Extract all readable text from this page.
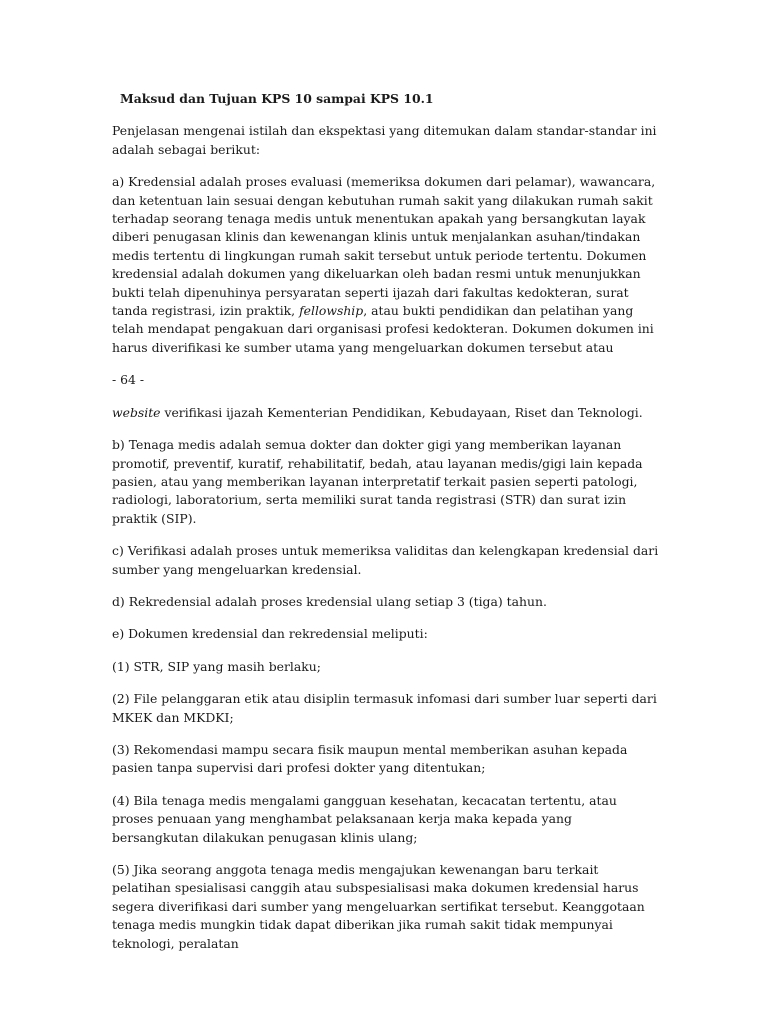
Maksud dan Tujuan KPS 10 sampai KPS 10.1
Penjelasan mengenai istilah dan ekspektasi yang ditemukan dalam standar-standar ini adalah sebagai berikut:
a) Kredensial adalah proses evaluasi (memeriksa dokumen dari pelamar), wawancara, dan ketentuan lain sesuai dengan kebutuhan rumah sakit yang dilakukan rumah sakit terhadap seorang tenaga medis untuk menentukan apakah yang bersangkutan layak diberi penugasan klinis dan kewenangan klinis untuk menjalankan asuhan/tindakan medis tertentu di lingkungan rumah sakit tersebut untuk periode tertentu. Dokumen kredensial adalah dokumen yang dikeluarkan oleh badan resmi untuk menunjukkan bukti telah dipenuhinya persyaratan seperti ijazah dari fakultas kedokteran, surat tanda registrasi, izin praktik, fellowship, atau bukti pendidikan dan pelatihan yang telah mendapat pengakuan dari organisasi profesi kedokteran. Dokumen dokumen ini harus diverifikasi ke sumber utama yang mengeluarkan dokumen tersebut atau
- 64 -
website verifikasi ijazah Kementerian Pendidikan, Kebudayaan, Riset dan Teknologi.
b) Tenaga medis adalah semua dokter dan dokter gigi yang memberikan layanan promotif, preventif, kuratif, rehabilitatif, bedah, atau layanan medis/gigi lain kepada pasien, atau yang memberikan layanan interpretatif terkait pasien seperti patologi, radiologi, laboratorium, serta memiliki surat tanda registrasi (STR) dan surat izin praktik (SIP).
c) Verifikasi adalah proses untuk memeriksa validitas dan kelengkapan kredensial dari sumber yang mengeluarkan kredensial.
d) Rekredensial adalah proses kredensial ulang setiap 3 (tiga) tahun.
e) Dokumen kredensial dan rekredensial meliputi:
(1) STR, SIP yang masih berlaku;
(2) File pelanggaran etik atau disiplin termasuk infomasi dari sumber luar seperti dari MKEK dan MKDKI;
(3) Rekomendasi mampu secara fisik maupun mental memberikan asuhan kepada pasien tanpa supervisi dari profesi dokter yang ditentukan;
(4) Bila tenaga medis mengalami gangguan kesehatan, kecacatan tertentu, atau proses penuaan yang menghambat pelaksanaan kerja maka kepada yang bersangkutan dilakukan penugasan klinis ulang;
(5) Jika seorang anggota tenaga medis mengajukan kewenangan baru terkait pelatihan spesialisasi canggih atau subspesialisasi maka dokumen kredensial harus segera diverifikasi dari sumber yang mengeluarkan sertifikat tersebut. Keanggotaan tenaga medis mungkin tidak dapat diberikan jika rumah sakit tidak mempunyai teknologi, peralatan
